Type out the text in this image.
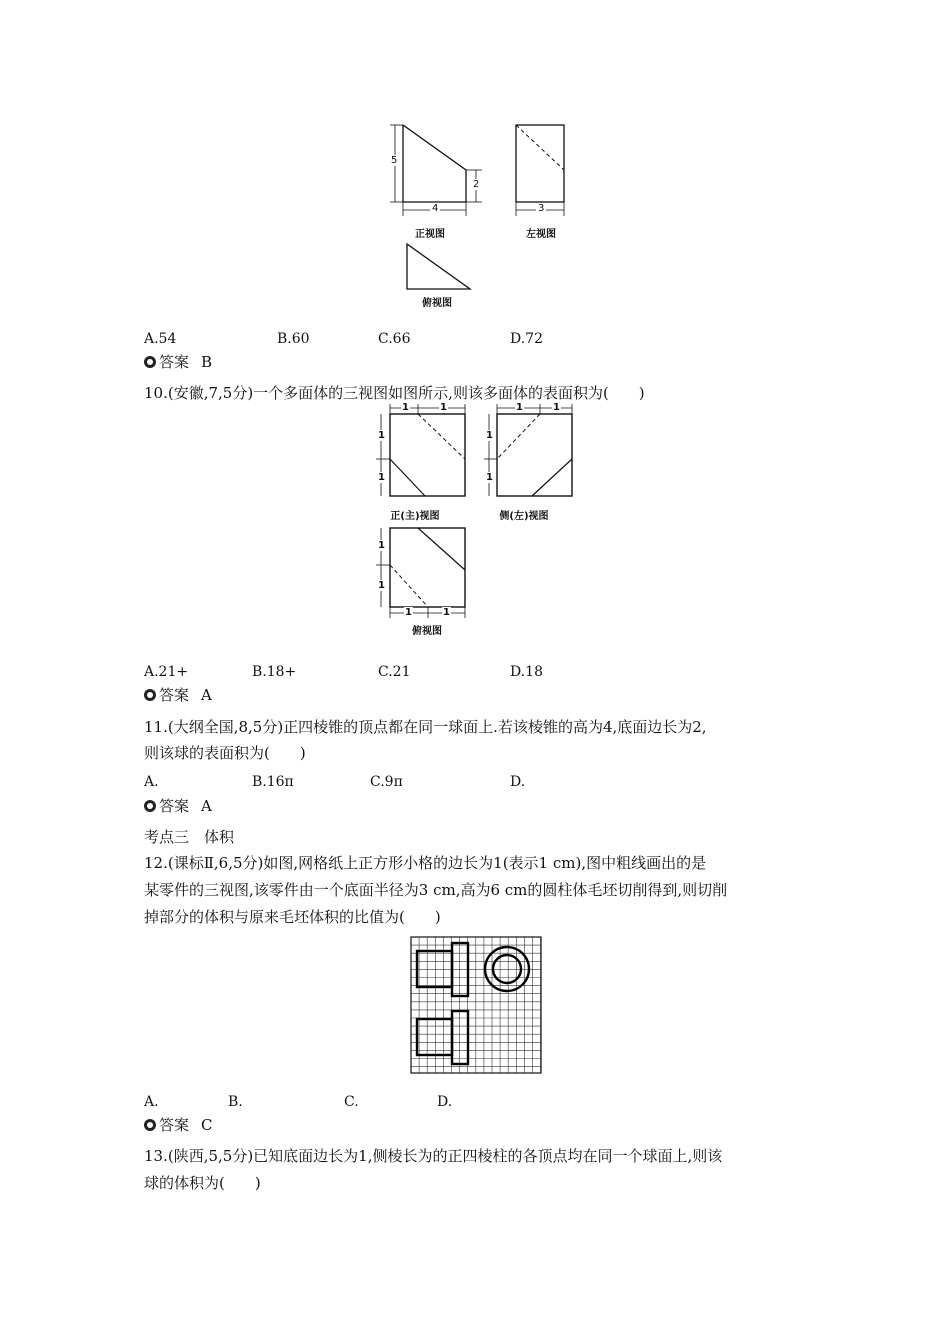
5
2
4	3
正视图	左视图
俯视图
A.54	B.60	C.66	D.72
答案 B
10.(安徽,7,5分)一个多面体的三视图如图所示,则该多面体的表面积为(　　)
1	1
1
1
1	1
1
1
1
1
1	1
正(主)视图	侧(左)视图
俯视图
A.21+	B.18+	C.21	D.18
答案 A
11.(大纲全国,8,5分)正四棱锥的顶点都在同一球面上.若该棱锥的高为4,底面边长为2,
则该球的表面积为(　　)
A.	B.16π	C.9π	D.
答案 A
考点三　体积
12.(课标Ⅱ,6,5分)如图,网格纸上正方形小格的边长为1(表示1 cm),图中粗线画出的是
某零件的三视图,该零件由一个底面半径为3 cm,高为6 cm的圆柱体毛坯切削得到,则切削
掉部分的体积与原来毛坯体积的比值为(　　)
A.	B.	C.	D.
答案 C
13.(陕西,5,5分)已知底面边长为1,侧棱长为的正四棱柱的各顶点均在同一个球面上,则该
球的体积为(　　)
